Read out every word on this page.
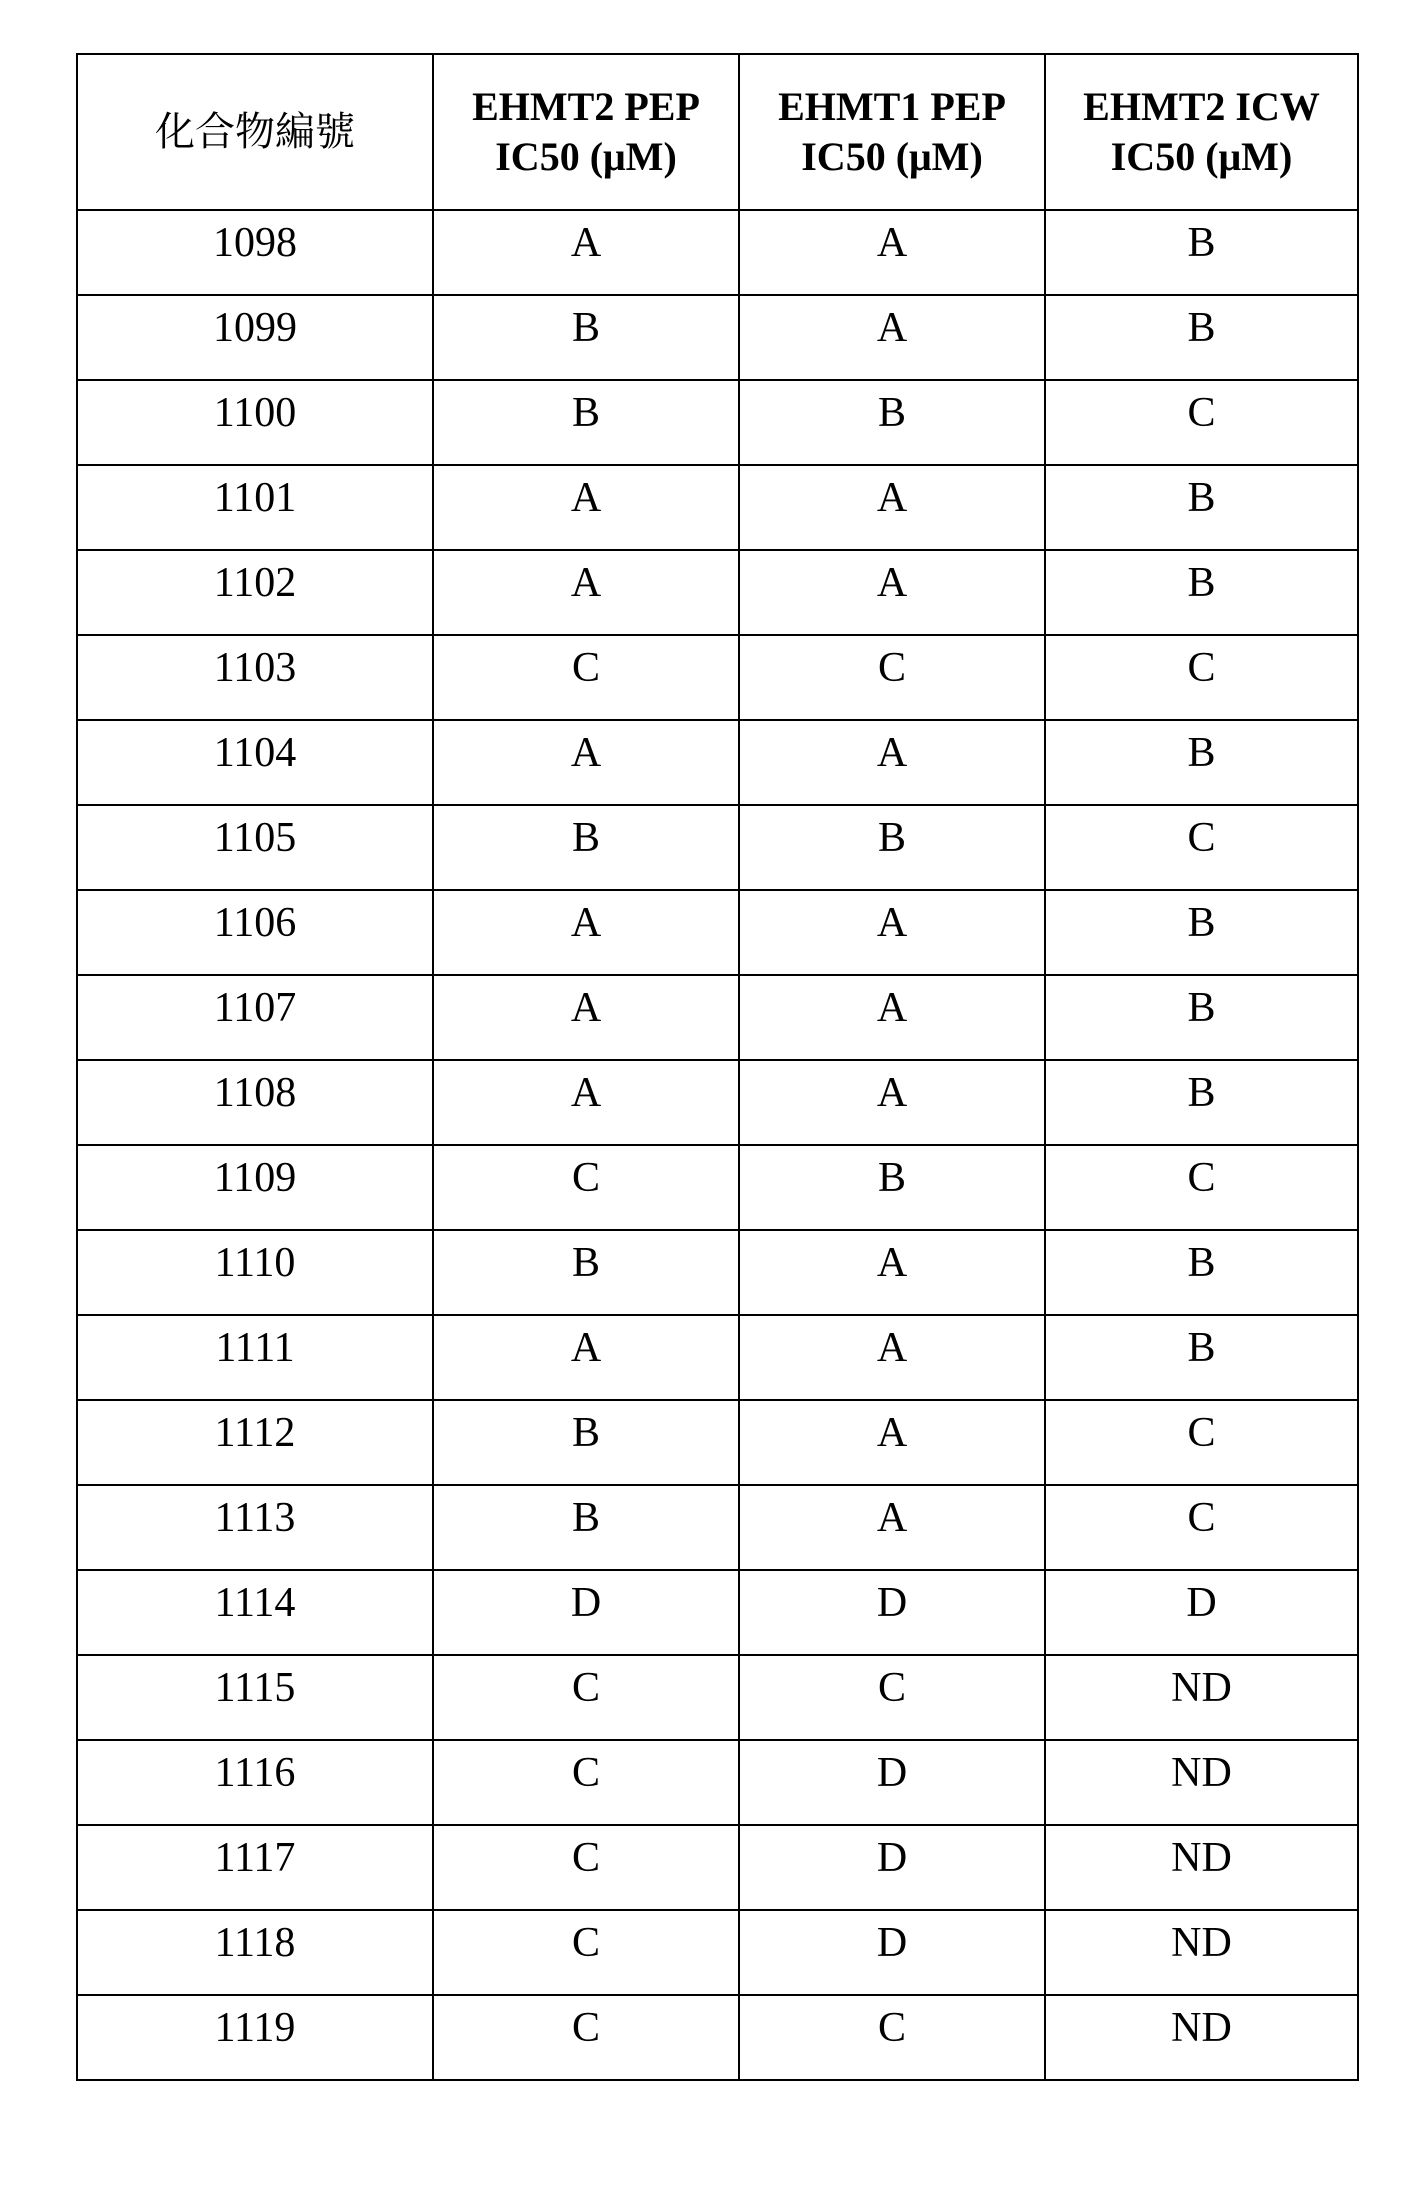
化合物編號	EHMT2 PEP IC50 (μM)	EHMT1 PEP IC50 (μM)	EHMT2 ICW IC50 (μM)
1098	A	A	B
1099	B	A	B
1100	B	B	C
1101	A	A	B
1102	A	A	B
1103	C	C	C
1104	A	A	B
1105	B	B	C
1106	A	A	B
1107	A	A	B
1108	A	A	B
1109	C	B	C
1110	B	A	B
1111	A	A	B
1112	B	A	C
1113	B	A	C
1114	D	D	D
1115	C	C	ND
1116	C	D	ND
1117	C	D	ND
1118	C	D	ND
1119	C	C	ND
